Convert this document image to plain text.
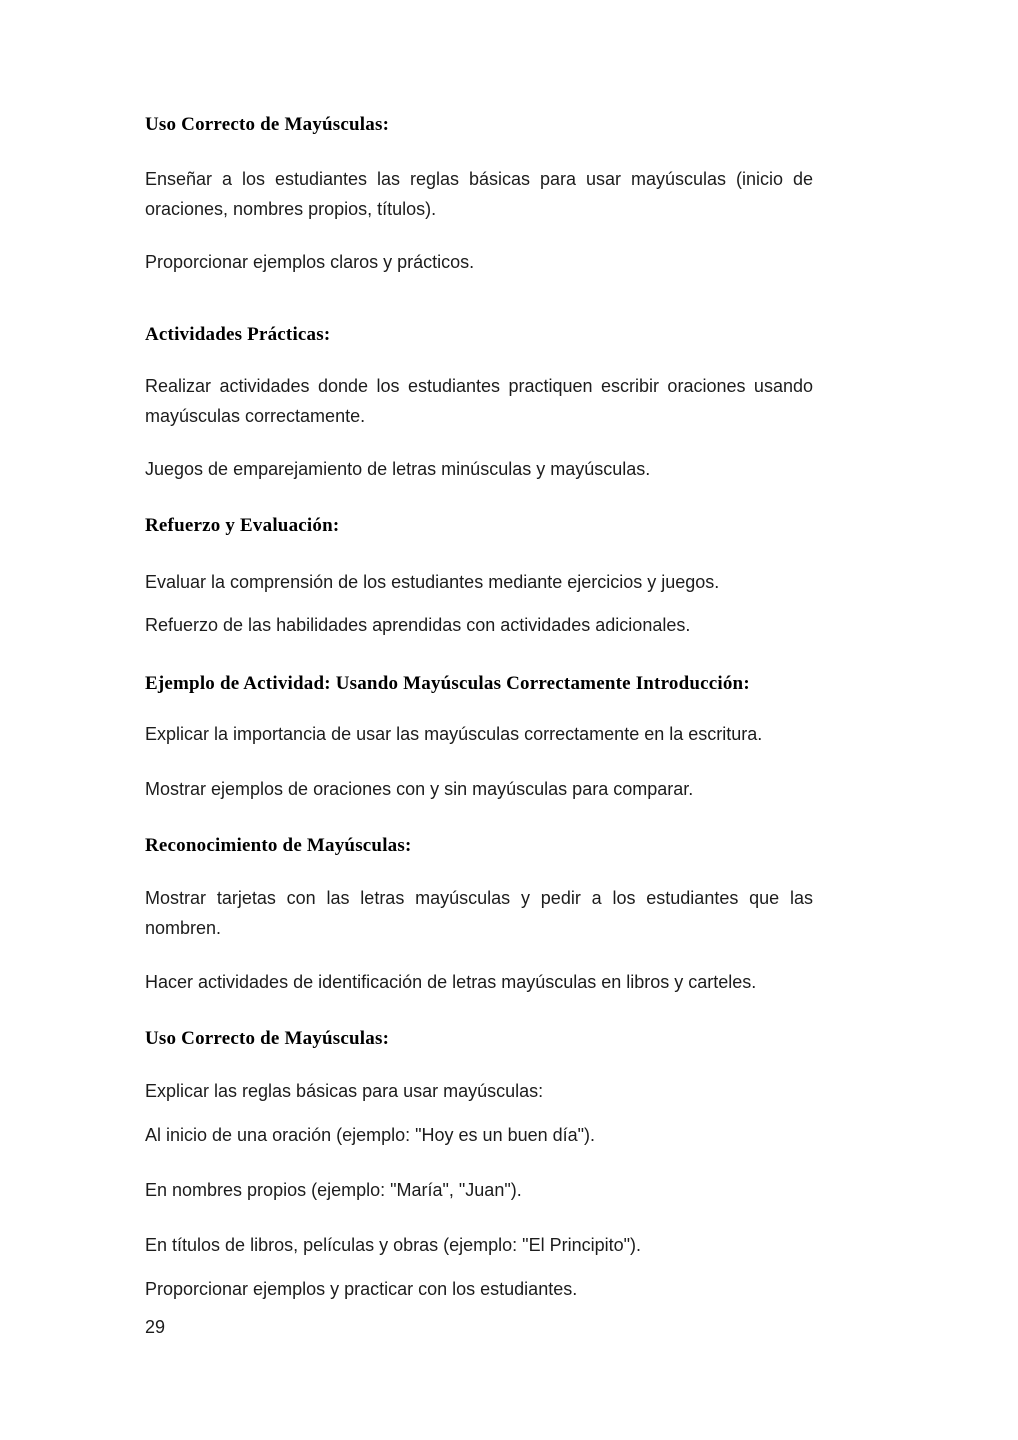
Uso Correcto de Mayúsculas:

Enseñar a los estudiantes las reglas básicas para usar mayúsculas (inicio de oraciones, nombres propios, títulos).

Proporcionar ejemplos claros y prácticos.

Actividades Prácticas:

Realizar actividades donde los estudiantes practiquen escribir oraciones usando mayúsculas correctamente.

Juegos de emparejamiento de letras minúsculas y mayúsculas.

Refuerzo y Evaluación:

Evaluar la comprensión de los estudiantes mediante ejercicios y juegos.

Refuerzo de las habilidades aprendidas con actividades adicionales.

Ejemplo de Actividad: Usando Mayúsculas Correctamente Introducción:

Explicar la importancia de usar las mayúsculas correctamente en la escritura.

Mostrar ejemplos de oraciones con y sin mayúsculas para comparar.

Reconocimiento de Mayúsculas:

Mostrar tarjetas con las letras mayúsculas y pedir a los estudiantes que las nombren.

Hacer actividades de identificación de letras mayúsculas en libros y carteles.

Uso Correcto de Mayúsculas:

Explicar las reglas básicas para usar mayúsculas:

Al inicio de una oración (ejemplo: "Hoy es un buen día").

En nombres propios (ejemplo: "María", "Juan").

En títulos de libros, películas y obras (ejemplo: "El Principito").

Proporcionar ejemplos y practicar con los estudiantes.

29
